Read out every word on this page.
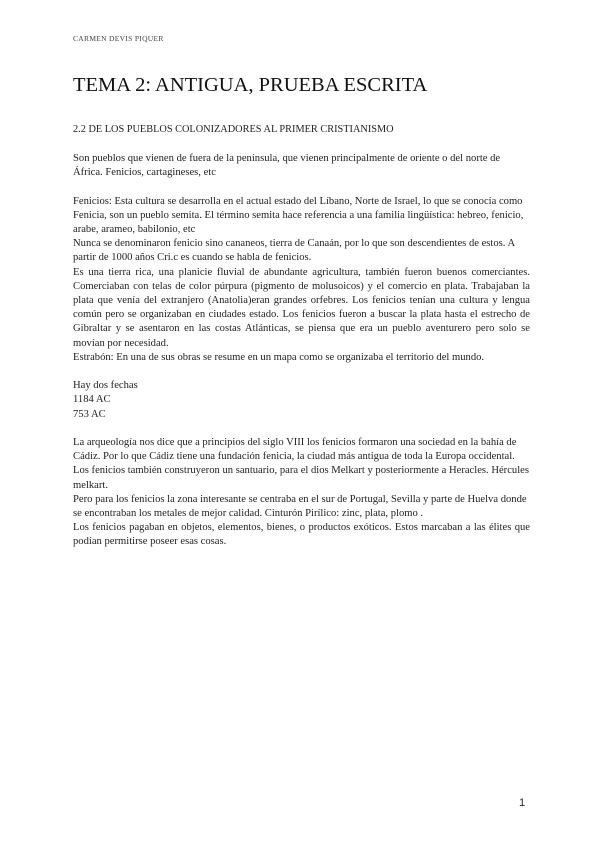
CARMEN DEVIS PIQUER
TEMA 2: ANTIGUA, PRUEBA ESCRITA
2.2 DE LOS PUEBLOS COLONIZADORES AL PRIMER CRISTIANISMO

Son pueblos que vienen de fuera de la península, que vienen principalmente de oriente o del norte de África. Fenicios, cartagineses, etc

Fenicios: Esta cultura se desarrolla en el actual estado del Líbano, Norte de Israel, lo que se conocía como Fenicia, son un pueblo semita. El término semita hace referencia a una familia lingüística: hebreo, fenicio, arabe, arameo, babilonio, etc

Nunca se denominaron fenicio sino cananeos, tierra de Canaán, por lo que son descendientes de estos. A partir de 1000 años Cri.c es cuando se habla de fenicios.

Es una tierra rica, una planicie fluvial de abundante agricultura, también fueron buenos comerciantes. Comerciaban con telas de color púrpura (pigmento de molusoicos) y el comercio en plata. Trabajaban la plata que venía del extranjero (Anatolia)eran grandes orfebres. Los fenicios tenían una cultura y lengua común pero se organizaban en ciudades estado. Los fenicios fueron a buscar la plata hasta el estrecho de Gibraltar y se asentaron en las costas Atlánticas, se piensa que era un pueblo aventurero pero solo se movían por necesidad.

Estrabón: En una de sus obras se resume en un mapa como se organizaba el territorio del mundo.

Hay dos fechas

1184 AC

753 AC

La arqueología nos dice que a principios del siglo VIII los fenicios formaron una sociedad en la bahía de Cádiz. Por lo que Cádiz tiene una fundación fenicia, la ciudad más antigua de toda la Europa occidental. Los fenicios también construyeron un santuario, para el dios Melkart y posteriormente a Heracles. Hércules melkart.

Pero para los fenicios la zona interesante se centraba en el sur de Portugal, Sevilla y parte de Huelva donde se encontraban los metales de mejor calidad. Cinturón Pirílico: zinc, plata, plomo .

Los fenicios pagaban en objetos, elementos, bienes, o productos exóticos. Estos marcaban a las élites que podían permitirse poseer esas cosas.

1
